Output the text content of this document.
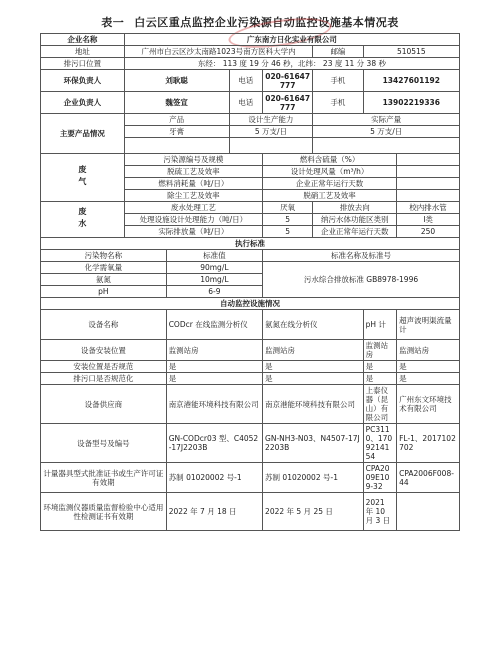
表一 白云区重点监控企业污染源自动监控设施基本情况表
企业名称	广东南方日化实业有限公司						
地址	广州市白云区沙太南路1023号南方医科大学内				邮编	510515	
排污口位置	东经： 113 度 19 分 46 秒，北纬： 23 度 11 分 38 秒						
环保负责人	刘耿聪		电话	020-61647777	手机	13427601192	
企业负责人	魏签宣		电话	020-61647777	手机	13902219336	
主要产品情况	产品		设计生产能力		实际产量		
	牙膏		5 万支/日		5 万支/日		

废气	污染源编号及规模			燃料含硫量（%）			
	脱硫工艺及效率			设计处理风量（m³/h）			
	燃料消耗量（吨/日）			企业正常年运行天数			
	除尘工艺及效率			脱硝工艺及效率			
废水	废水处理工艺			厌氧	排放去向		校内排水管
	处理设施设计处理能力（吨/日）			5	纳污水体功能区类别		Ⅰ类
	实际排放量（吨/日）			5	企业正常年运行天数		250
执行标准							
污染物名称		标准值		标准名称及标准号			
化学需氧量		90mg/L		污水综合排放标准 GB8978-1996			
氨氮		10mg/L					
pH		6-9					
自动监控设施情况							
设备名称		CODcr 在线监测分析仪		氨氮在线分析仪		pH 计	超声波明渠流量计
设备安装位置		监测站房		监测站房		监测站房	监测站房
安装位置是否规范		是		是		是	是
排污口是否规范化		是		是		是	是
设备供应商		南京港能环境科技有限公司		南京港能环境科技有限公司		上泰仪器（昆山）有限公司	广州东文环境技术有限公司
设备型号及编号		GN-CODcr03 型、C4052-17J2203B		GN-NH3-N03、N4507-17J2203B		PC3110、1709214154	FL-1、2017102702
计量器具型式批准证书或生产许可证有效期		苏制 01020002 号-1		苏制 01020002 号-1		CPA2009E109-32	CPA2006F008-44
环境监测仪器质量监督检验中心适用性检测证书有效期		2022 年 7 月 18 日		2022 年 5 月 25 日		2021 年 10 月 3 日	
